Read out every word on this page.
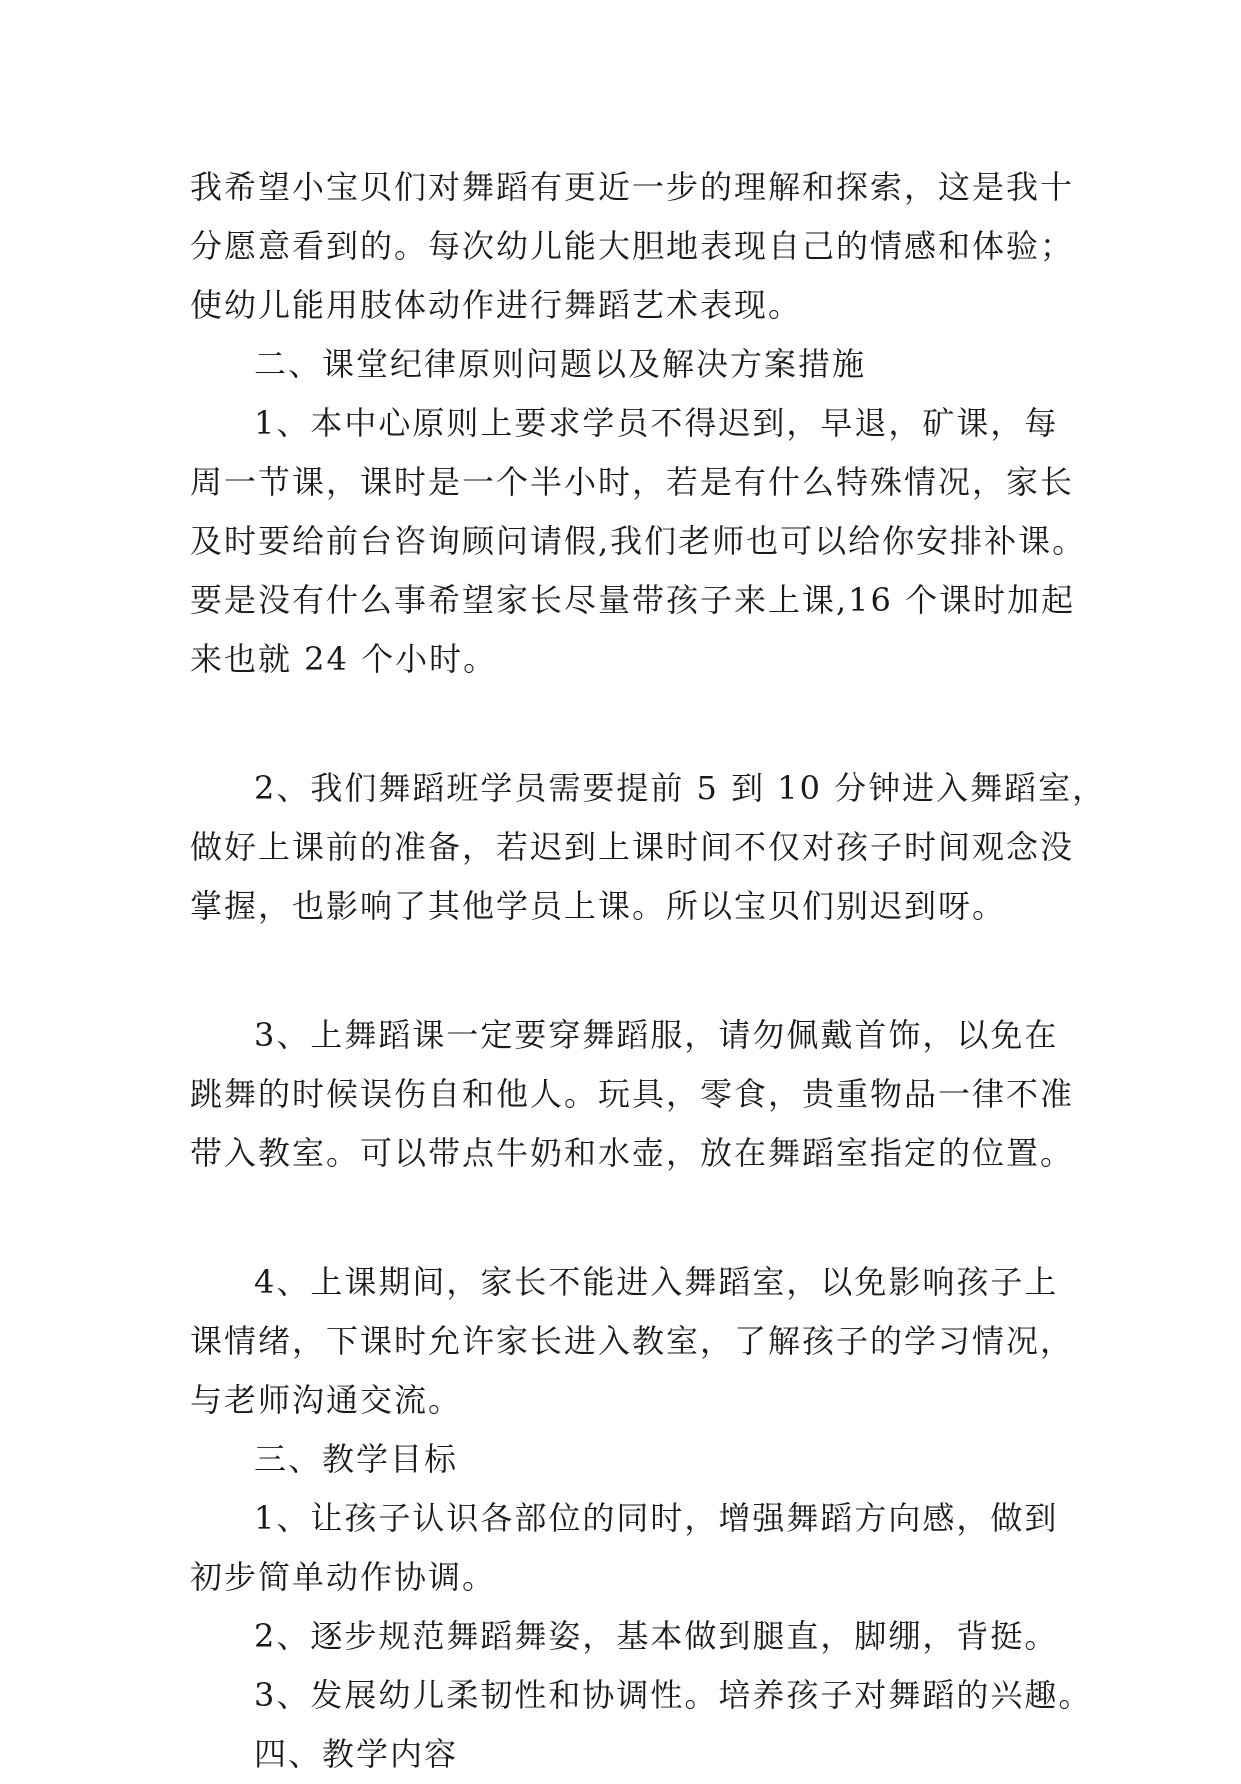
我希望小宝贝们对舞蹈有更近一步的理解和探索，这是我十
分愿意看到的。每次幼儿能大胆地表现自己的情感和体验；
使幼儿能用肢体动作进行舞蹈艺术表现。
二、课堂纪律原则问题以及解决方案措施
1、本中心原则上要求学员不得迟到，早退，矿课，每
周一节课，课时是一个半小时，若是有什么特殊情况，家长
及时要给前台咨询顾问请假,我们老师也可以给你安排补课。
要是没有什么事希望家长尽量带孩子来上课,16 个课时加起
来也就 24 个小时。
2、我们舞蹈班学员需要提前 5 到 10 分钟进入舞蹈室，
做好上课前的准备，若迟到上课时间不仅对孩子时间观念没
掌握，也影响了其他学员上课。所以宝贝们别迟到呀。
3、上舞蹈课一定要穿舞蹈服，请勿佩戴首饰，以免在
跳舞的时候误伤自和他人。玩具，零食，贵重物品一律不准
带入教室。可以带点牛奶和水壶，放在舞蹈室指定的位置。
4、上课期间，家长不能进入舞蹈室，以免影响孩子上
课情绪，下课时允许家长进入教室，了解孩子的学习情况，
与老师沟通交流。
三、教学目标
1、让孩子认识各部位的同时，增强舞蹈方向感，做到
初步简单动作协调。
2、逐步规范舞蹈舞姿，基本做到腿直，脚绷，背挺。
3、发展幼儿柔韧性和协调性。培养孩子对舞蹈的兴趣。
四、教学内容
